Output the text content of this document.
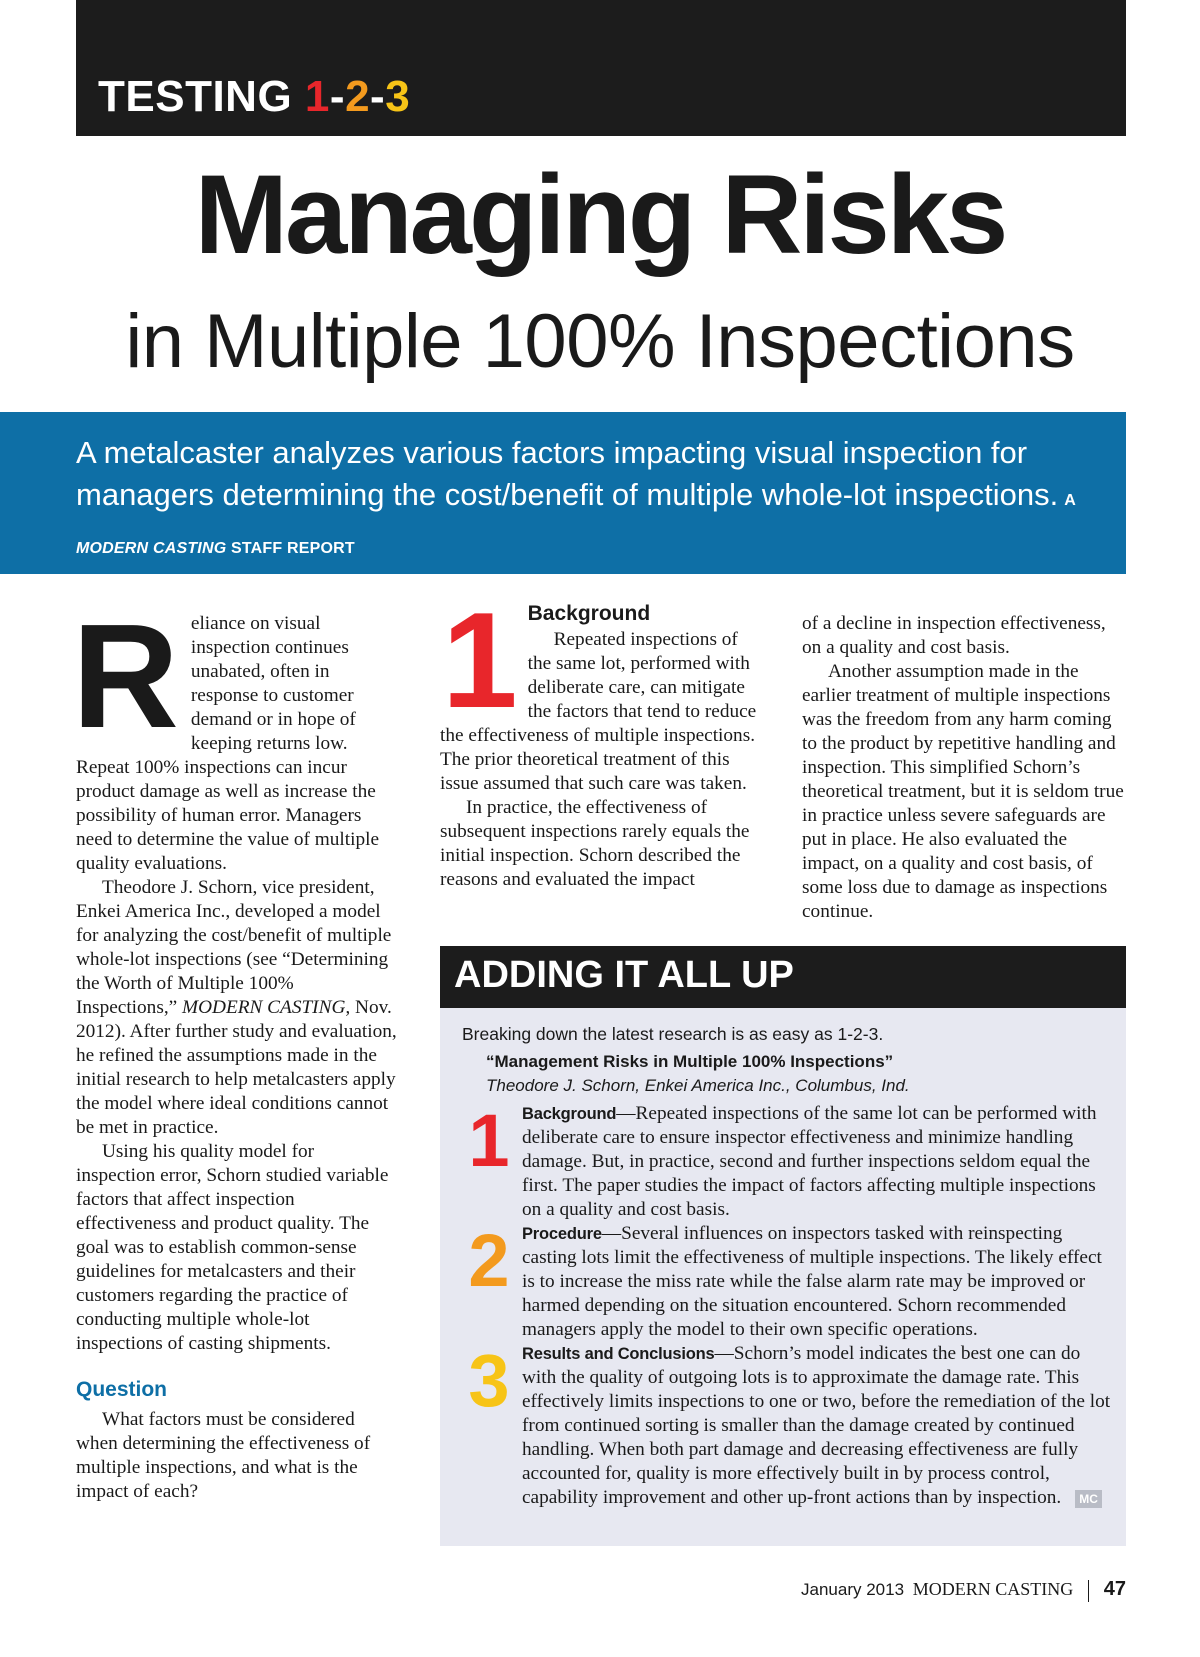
TESTING 1-2-3
Managing Risks
in Multiple 100% Inspections
A metalcaster analyzes various factors impacting visual inspection for managers determining the cost/benefit of multiple whole-lot inspections. A MODERN CASTING STAFF REPORT
R eliance on visual inspection continues unabated, often in response to customer demand or in hope of keeping returns low. Repeat 100% inspections can incur product damage as well as increase the possibility of human error. Managers need to determine the value of multiple quality evaluations.

Theodore J. Schorn, vice president, Enkei America Inc., developed a model for analyzing the cost/benefit of multiple whole-lot inspections (see “Determining the Worth of Multiple 100% Inspections,” MODERN CASTING, Nov. 2012). After further study and evaluation, he refined the assumptions made in the initial research to help metalcasters apply the model where ideal conditions cannot be met in practice.

Using his quality model for inspection error, Schorn studied variable factors that affect inspection effectiveness and product quality. The goal was to establish common-sense guidelines for metalcasters and their customers regarding the practice of conducting multiple whole-lot inspections of casting shipments.

Question

What factors must be considered when determining the effectiveness of multiple inspections, and what is the impact of each?

1 Background

Repeated inspections of the same lot, performed with deliberate care, can mitigate the factors that tend to reduce the effectiveness of multiple inspections. The prior theoretical treatment of this issue assumed that such care was taken.

In practice, the effectiveness of subsequent inspections rarely equals the initial inspection. Schorn described the reasons and evaluated the impact

of a decline in inspection effectiveness, on a quality and cost basis.

Another assumption made in the earlier treatment of multiple inspections was the freedom from any harm coming to the product by repetitive handling and inspection. This simplified Schorn’s theoretical treatment, but it is seldom true in practice unless severe safeguards are put in place. He also evaluated the impact, on a quality and cost basis, of some loss due to damage as inspections continue.

ADDING IT ALL UP
Breaking down the latest research is as easy as 1-2-3.
“Management Risks in Multiple 100% Inspections”
Theodore J. Schorn, Enkei America Inc., Columbus, Ind.
1 Background—Repeated inspections of the same lot can be performed with deliberate care to ensure inspector effectiveness and minimize handling damage. But, in practice, second and further inspections seldom equal the first. The paper studies the impact of factors affecting multiple inspections on a quality and cost basis.
2 Procedure—Several influences on inspectors tasked with reinspecting casting lots limit the effectiveness of multiple inspections. The likely effect is to increase the miss rate while the false alarm rate may be improved or harmed depending on the situation encountered. Schorn recommended managers apply the model to their own specific operations.
3 Results and Conclusions—Schorn’s model indicates the best one can do with the quality of outgoing lots is to approximate the damage rate. This effectively limits inspections to one or two, before the remediation of the lot from continued sorting is smaller than the damage created by continued handling. When both part damage and decreasing effectiveness are fully accounted for, quality is more effectively built in by process control, capability improvement and other up-front actions than by inspection. MC
January 2013 MODERN CASTING 47
